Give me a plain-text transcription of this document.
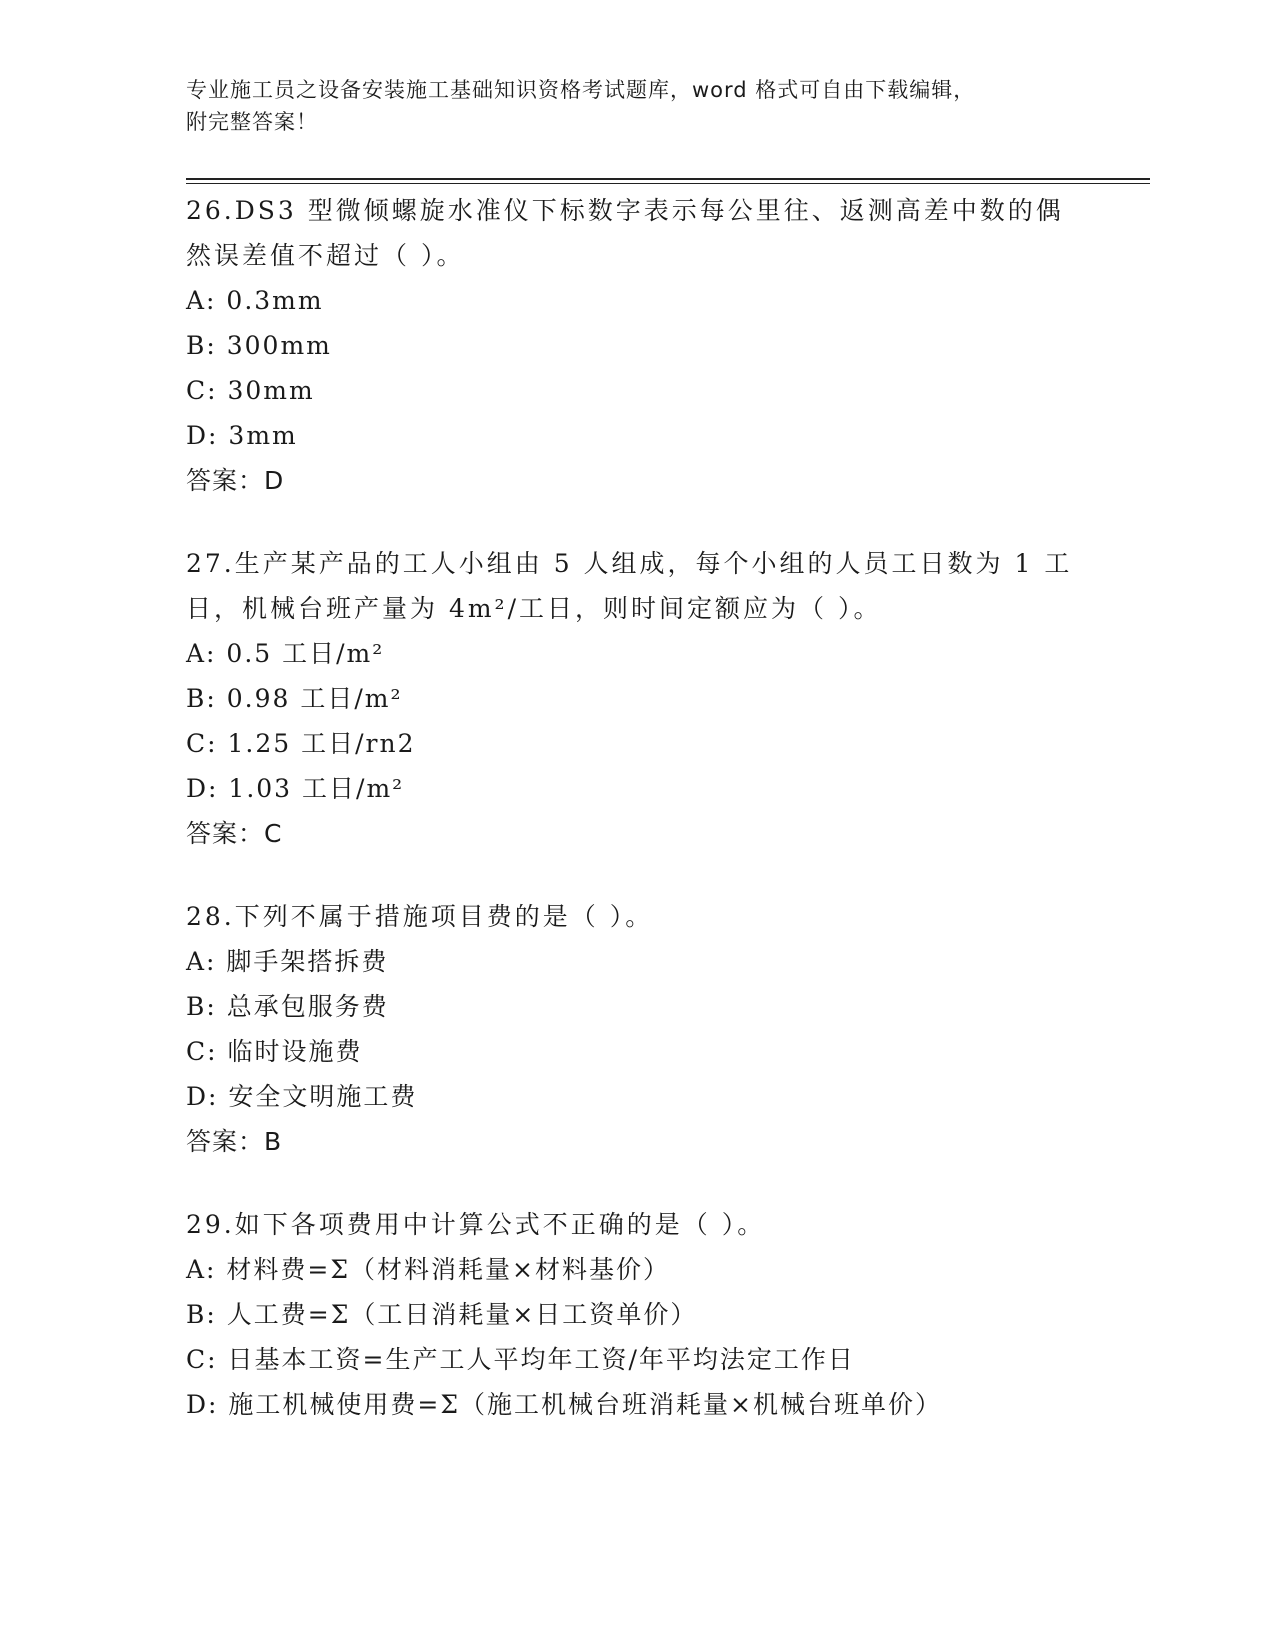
专业施工员之设备安装施工基础知识资格考试题库，word 格式可自由下载编辑，
附完整答案！

26.DS3 型微倾螺旋水准仪下标数字表示每公里往、返测高差中数的偶

然误差值不超过（ ）。

A: 0.3mm

B: 300mm

C: 30mm

D: 3mm

答案：D

27.生产某产品的工人小组由 5 人组成，每个小组的人员工日数为 1 工

日，机械台班产量为 4m²/工日，则时间定额应为（ ）。

A: 0.5 工日/m²

B: 0.98 工日/m²

C: 1.25 工日/rn2

D: 1.03 工日/m²

答案：C

28.下列不属于措施项目费的是（ ）。

A: 脚手架搭拆费

B: 总承包服务费

C: 临时设施费

D: 安全文明施工费

答案：B

29.如下各项费用中计算公式不正确的是（ ）。

A: 材料费=Σ（材料消耗量×材料基价）

B: 人工费=Σ（工日消耗量×日工资单价）

C: 日基本工资=生产工人平均年工资/年平均法定工作日

D: 施工机械使用费=Σ（施工机械台班消耗量×机械台班单价）
